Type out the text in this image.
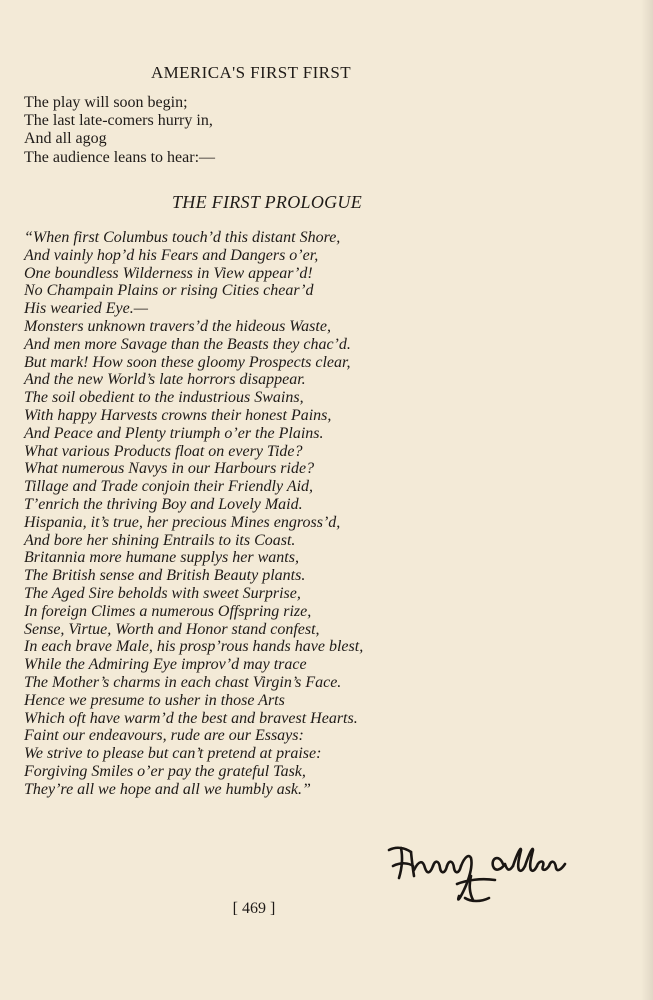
AMERICA'S FIRST FIRST
The play will soon begin;
The last late-comers hurry in,
And all agog
The audience leans to hear:—
THE FIRST PROLOGUE
“When first Columbus touch’d this distant Shore,
And vainly hop’d his Fears and Dangers o’er,
One boundless Wilderness in View appear’d!
No Champain Plains or rising Cities chear’d
His wearied Eye.—
Monsters unknown travers’d the hideous Waste,
And men more Savage than the Beasts they chac’d.
But mark! How soon these gloomy Prospects clear,
And the new World’s late horrors disappear.
The soil obedient to the industrious Swains,
With happy Harvests crowns their honest Pains,
And Peace and Plenty triumph o’er the Plains.
What various Products float on every Tide?
What numerous Navys in our Harbours ride?
Tillage and Trade conjoin their Friendly Aid,
T’enrich the thriving Boy and Lovely Maid.
Hispania, it’s true, her precious Mines engross’d,
And bore her shining Entrails to its Coast.
Britannia more humane supplys her wants,
The British sense and British Beauty plants.
The Aged Sire beholds with sweet Surprise,
In foreign Climes a numerous Offspring rize,
Sense, Virtue, Worth and Honor stand confest,
In each brave Male, his prosp’rous hands have blest,
While the Admiring Eye improv’d may trace
The Mother’s charms in each chast Virgin’s Face.
Hence we presume to usher in those Arts
Which oft have warm’d the best and bravest Hearts.
Faint our endeavours, rude are our Essays:
We strive to please but can’t pretend at praise:
Forgiving Smiles o’er pay the grateful Task,
They’re all we hope and all we humbly ask.”
[ 469 ]
